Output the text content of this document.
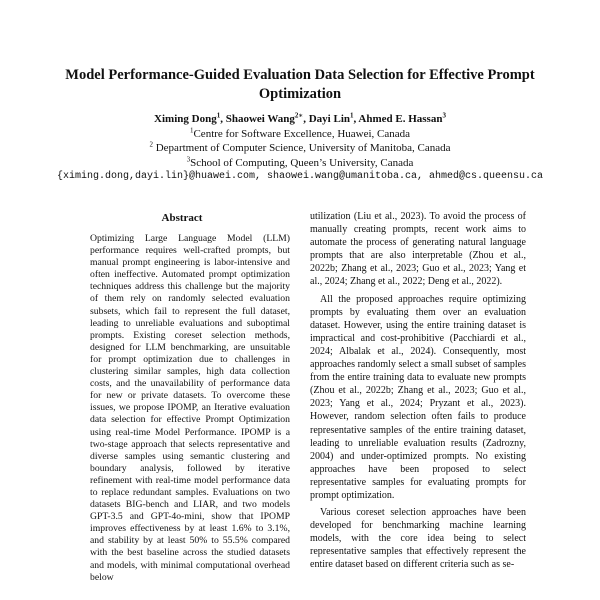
Model Performance-Guided Evaluation Data Selection for Effective Prompt
Optimization
Ximing Dong$^1$, Shaowei Wang$^{2∗}$, Dayi Lin$^1$, Ahmed E. Hassan$^3$
$^1$Centre for Software Excellence, Huawei, Canada
$^2$ Department of Computer Science, University of Manitoba, Canada
$^3$School of Computing, Queen’s University, Canada
{ximing.dong,dayi.lin}@huawei.com, shaowei.wang@umanitoba.ca, ahmed@cs.queensu.ca
Abstract
Optimizing Large Language Model (LLM) performance requires well-crafted prompts, but manual prompt engineering is labor-intensive and often ineffective. Automated prompt optimization techniques address this challenge but the majority of them rely on randomly selected evaluation subsets, which fail to represent the full dataset, leading to unreliable evaluations and suboptimal prompts. Existing coreset selection methods, designed for LLM benchmarking, are unsuitable for prompt optimization due to challenges in clustering similar samples, high data collection costs, and the unavailability of performance data for new or private datasets. To overcome these issues, we propose IPOMP, an Iterative evaluation data selection for effective Prompt Optimization using real-time Model Performance. IPOMP is a two-stage approach that selects representative and diverse samples using semantic clustering and boundary analysis, followed by iterative refinement with real-time model performance data to replace redundant samples. Evaluations on two datasets BIG-bench and LIAR, and two models GPT-3.5 and GPT-4o-mini, show that IPOMP improves effectiveness by at least 1.6% to 3.1%, and stability by at least 50% to 55.5% compared with the best baseline across the studied datasets and models, with minimal computational overhead below

utilization (Liu et al., 2023). To avoid the process of manually creating prompts, recent work aims to automate the process of generating natural language prompts that are also interpretable (Zhou et al., 2022b; Zhang et al., 2023; Guo et al., 2023; Yang et al., 2024; Zhang et al., 2022; Deng et al., 2022).

All the proposed approaches require optimizing prompts by evaluating them over an evaluation dataset. However, using the entire training dataset is impractical and cost-prohibitive (Pacchiardi et al., 2024; Albalak et al., 2024). Consequently, most approaches randomly select a small subset of samples from the entire training data to evaluate new prompts (Zhou et al., 2022b; Zhang et al., 2023; Guo et al., 2023; Yang et al., 2024; Pryzant et al., 2023). However, random selection often fails to produce representative samples of the entire training dataset, leading to unreliable evaluation results (Zadrozny, 2004) and under-optimized prompts. No existing approaches have been proposed to select representative samples for evaluating prompts for prompt optimization.

Various coreset selection approaches have been developed for benchmarking machine learning models, with the core idea being to select representative samples that effectively represent the entire dataset based on different criteria such as se-
